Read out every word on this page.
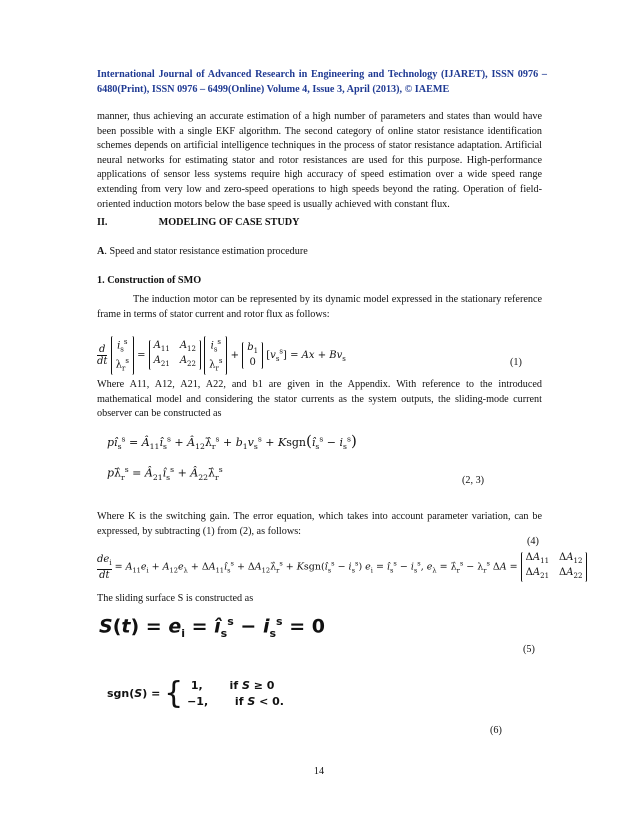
International Journal of Advanced Research in Engineering and Technology (IJARET), ISSN 0976 – 6480(Print), ISSN 0976 – 6499(Online) Volume 4, Issue 3, April (2013), © IAEME
manner, thus achieving an accurate estimation of a high number of parameters and states than would have been possible with a single EKF algorithm. The second category of online stator resistance identification schemes depends on artificial intelligence techniques in the process of stator resistance adaptation. Artificial neural networks for estimating stator and rotor resistances are used for this purpose. High-performance applications of sensor less systems require high accuracy of speed estimation over a wide speed range extending from very low and zero-speed operations to high speeds beyond the rating. Operation of field-oriented induction motors below the base speed is usually achieved with constant flux.
II.	MODELING OF CASE STUDY
A. Speed and stator resistance estimation procedure
1. Construction of SMO
The induction motor can be represented by its dynamic model expressed in the stationary reference frame in terms of stator current and rotor flux as follows:
$\frac{d}{dt} i_s^s$
$\lambda_r^s$
=
$A_{11}$ $A_{12}$
$A_{21}$ $A_{22}$

$i_s^s$
$\lambda_r^s$
+
$b_1$
0
$[v_s^s] = Ax + Bv_s$	(1)
Where A11, A12, A21, A22, and b1 are given in the Appendix. With reference to the introduced mathematical model and considering the stator currents as the system outputs, the sliding-mode current observer can be constructed as
$pî_s^s$ = $Â_{11}î_s^s$ + $Â_{12}\lambdâ_r^s + b_1v_s^s$ + $Ksgn(î_s^s - i_s^s)$
$p\lambdâ_r^s$ = $Â_{21}î_s^s$ + $Â_{22}\lambdâ_r^s$
(2, 3)
Where K is the switching gain. The error equation, which takes into account parameter variation, can be expressed, by subtracting (1) from (2), as follows:
(4)
$de_i$
dt = $A_{11}e_i + A_{12}e_\lambda$ + $\Delta A_{11}î_s^s$ + $\Delta A_{12}\lambdâ_r^s$ + $Ksgn(î_s^s - i_s^s) e_i$ = $î_s^s - i_s^s$, $e_\lambda$ = $\lambdâ_r^s - \lambda_r^s$ ΔA =
$\Delta A_{11}$ $\Delta A_{12}$
$\Delta A_{21}$ $\Delta A_{22}$
The sliding surface S is constructed as
$S(t) = e_i$ = $î_s^s - i_s^s = 0$
(5)
sgn(S) = { 1,       if S ≥ 0
−1,       if S < 0.
(6)
14
